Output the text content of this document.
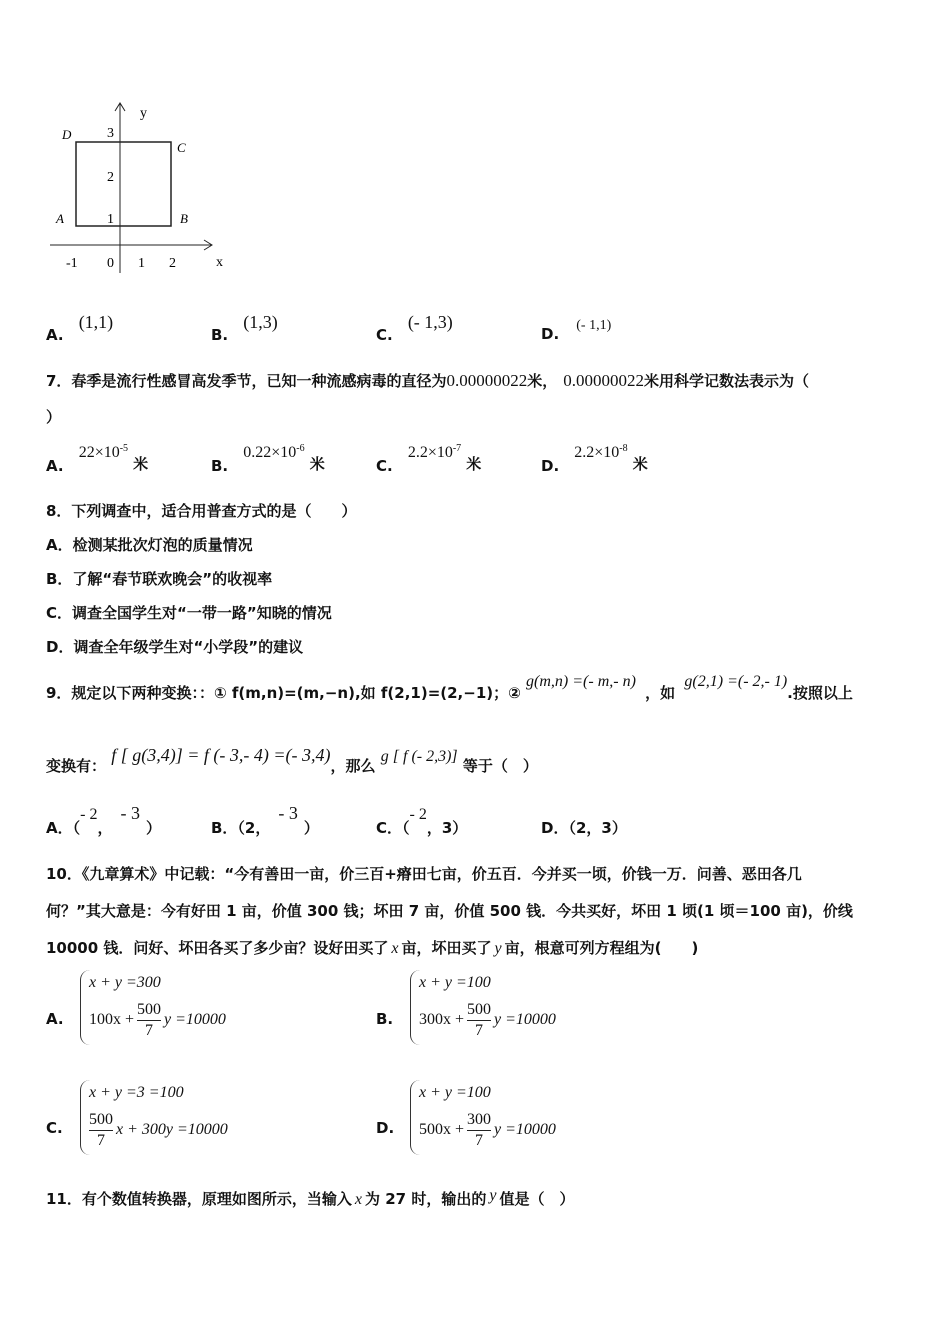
y
x
D
C
A	B
3
2
1
-1 0 1 2
A. (1,1)
B. (1,3)
C. (- 1,3)
D. (- 1,1)
7．春季是流行性感冒高发季节，已知一种流感病毒的直径为0.00000022米， 0.00000022米用科学记数法表示为（
）
A. $22\times 10^{-5}$ 米	B. $0.22\times 10^{-6}$ 米	C. $2.2\times 10^{-7}$ 米	D. $2.2\times 10^{-8}$ 米
8．下列调查中，适合用普查方式的是（　　）
A．检测某批次灯泡的质量情况
B．了解“春节联欢晚会”的收视率
C．调查全国学生对“一带一路”知晓的情况
D．调查全年级学生对“小学段”的建议
9．规定以下两种变换：：① f(m,n)=(m,−n),如 f(2,1)=(2,−1)；② g(m,n) =(- m,- n) ，如 g(2,1) =(- 2,- 1).按照以上
变换有： f [ g(3,4)] = f (- 3,- 4) =(- 3,4)，那么 g [ f (- 2,3)] 等于（　）
A．（- 2，- 3）	B．（2，- 3）	C．（- 2，3）	D．（2，3）
10．《九章算术》中记载：“今有善田一亩，价三百+瘠田七亩，价五百．今并买一顷，价钱一万．问善、恶田各几
何？”其大意是：今有好田 1 亩，价值 300 钱；坏田 7 亩，价值 500 钱．今共买好，坏田 1 顷(1 顷＝100 亩)，价线
10000 钱．问好、坏田各买了多少亩？设好田买了 x 亩，坏田买了 y 亩，根意可列方程组为(　　)
A.
x + y =300
$100x + \frac{500}{7}$ y =10000	B.
x + y =100
$300x + \frac{500}{7}$ y =10000
C.
x + y =3 =100
$\frac{500}{7}$ x + 300y =10000	D.
x + y =100
$500x + \frac{300}{7}$ y =10000
11．有个数值转换器，原理如图所示，当输入 x 为 27 时，输出的 y 值是（　）
